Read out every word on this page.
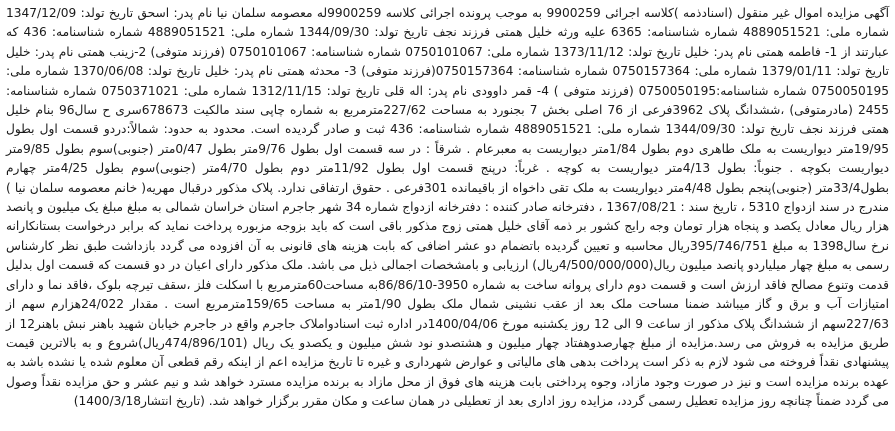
آگهی مزایده اموال غیر منقول (اسنادذمه )کلاسه اجرائی 9900259 به موجب پرونده اجرائی کلاسه 9900259له معصومه سلمان نیا نام پدر: اسحق تاریخ تولد: 1347/12/09 شماره ملی: 4889051521 شماره شناسنامه: 6365 علیه ورثه خلیل همتی فرزند نجف تاریخ تولد: 1344/09/30 شماره ملی: 4889051521 شماره شناسنامه: 436 که عبارتند از 1- فاطمه همتی نام پدر: خلیل تاریخ تولد: 1373/11/12 شماره ملی: 0750101067 شماره شناسنامه: 0750101067 (فرزند متوفی) 2-زینب همتی نام پدر: خلیل تاریخ تولد: 1379/01/11 شماره ملی: 0750157364 شماره شناسنامه: 0750157364(فرزند متوفی) 3- محدثه همتی نام پدر: خلیل تاریخ تولد: 1370/06/08 شماره ملی: 0750050195 شماره شناسنامه:0750050195 (فرزند متوفی ) 4- قمر داوودی نام پدر: اله قلی تاریخ تولد: 1312/11/15 شماره ملی: 0750371021 شماره شناسنامه: 2455 (مادرمتوفی) ،ششدانگ پلاک 3962فرعی از 76 اصلی بخش 7 بجنورد به مساحت 227/62مترمربع به شماره چاپی سند مالکیت 678673سری ح سال96 بنام خلیل همتی فرزند نجف تاریخ تولد: 1344/09/30 شماره ملی: 4889051521 شماره شناسنامه: 436 ثبت و صادر گردیده است. محدود به حدود: شمالاً:دردو قسمت اول بطول 19/95متر دیواریست به ملک طاهری دوم بطول 1/84متر دیواریست به معبرعام . شرقاً : در سه قسمت اول بطول 9/76متر بطول 0/47متر (جنوبی)سوم بطول 9/85متر دیواریست بکوچه . جنوباً: بطول 4/13متر دیواریست به کوچه . غرباً: درپنج قسمت اول بطول 11/92متر دوم بطول 4/70متر (جنوبی)سوم بطول 4/25متر چهارم بطول33/4متر (جنوبی)پنجم بطول 4/48متر دیواریست به ملک تقی داخواه از باقیمانده 301فرعی . حقوق ارتفاقی ندارد. پلاک مذکور درقبال مهریه( خانم معصومه سلمان نیا ) مندرج در سند ازدواج 5310 ، تاریخ سند : 1367/08/21 ، دفترخانه صادر کننده : دفترخانه ازدواج شماره 34 شهر جاجرم استان خراسان شمالی به مبلغ مبلغ یک میلیون و پانصد هزار ریال معادل یکصد و پنجاه هزار تومان وجه رایج کشور بر ذمه آقای خلیل همتی زوج مذکور باقی است که باید بزوجه مزبوره پرداخت نماید که برابر درخواست بستانکارانه نرخ سال1398 به مبلغ 395/746/751ریال محاسبه و تعیین گردیده باتضمام دو عشر اضافی که بابت هزینه های قانونی به آن افزوده می گردد بازداشت طبق نظر کارشناس رسمی به مبلغ چهار میلیاردو پانصد میلیون ریال(4/500/000/000ریال) ارزیابی و بامشخصات اجمالی ذیل می باشد. ملک مذکور دارای اعیان در دو قسمت که قسمت اول بدلیل قدمت وتنوع مصالح فاقد ارزش است و قسمت دوم دارای پروانه ساخت به شماره 3950-86/86/10به مساحت60مترمربع با اسکلت فلز ،سقف تیرچه بلوک ،فاقد نما و دارای امتیازات آب و برق و گاز میباشد ضمنا مساحت ملک بعد از عقب نشینی شمال ملک بطول 1/90متر به مساحت 159/65مترمربع است . مقدار 24/022هزارم سهم از 227/63سهم از ششدانگ پلاک مذکور از ساعت 9 الی 12 روز یکشنبه مورخ 1400/04/06در اداره ثبت اسنادواملاک جاجرم واقع در جاجرم خیابان شهید باهنر نبش باهنر12 از طریق مزایده به فروش می رسد.مزایده از مبلغ چهارصدوهفتاد چهار میلیون و هشتصدو نود شش میلیون و یکصدو یک ریال (474/896/101ریال)شروع و به بالاترین قیمت پیشنهادی نقداً فروخته می شود لازم به ذکر است پرداخت بدهی های مالیاتی و عوارض شهرداری و غیره تا تاریخ مزایده اعم از اینکه رقم قطعی آن معلوم شده یا نشده باشد به عهده برنده مزایده است و نیز در صورت وجود مازاد، وجوه پرداختی بابت هزینه های فوق از محل مازاد به برنده مزایده مسترد خواهد شد و نیم عشر و حق مزایده نقداً وصول می گردد ضمناً چنانچه روز مزایده تعطیل رسمی گردد، مزایده روز اداری بعد از تعطیلی در همان ساعت و مکان مقرر برگزار خواهد شد. (تاریخ انتشار1400/3/18)
